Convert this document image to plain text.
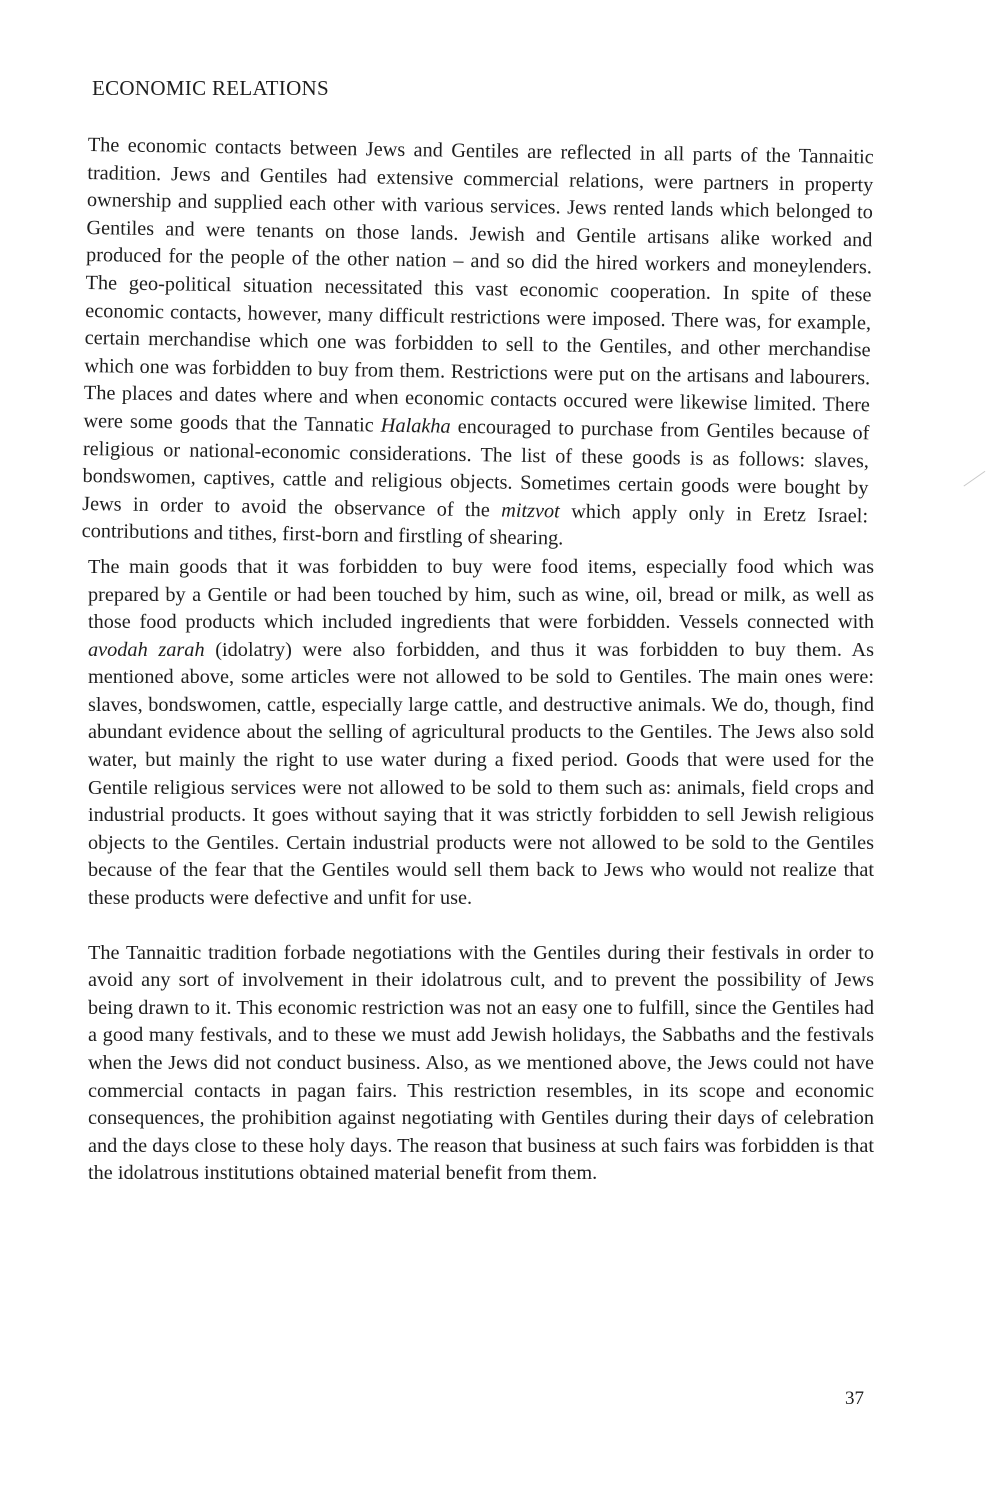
ECONOMIC RELATIONS

The economic contacts between Jews and Gentiles are reflected in all parts of the Tannaitic tradition. Jews and Gentiles had extensive commercial relations, were partners in property ownership and supplied each other with various services. Jews rented lands which belonged to Gentiles and were tenants on those lands. Jewish and Gentile artisans alike worked and produced for the people of the other nation – and so did the hired workers and moneylenders. The geo-political situation necessitated this vast economic cooperation. In spite of these economic contacts, however, many difficult restrictions were imposed. There was, for example, certain merchandise which one was forbidden to sell to the Gentiles, and other merchandise which one was forbidden to buy from them. Restrictions were put on the artisans and labourers. The places and dates where and when economic contacts occured were likewise limited. There were some goods that the Tannatic Halakha encouraged to purchase from Gentiles because of religious or national-economic considerations. The list of these goods is as follows: slaves, bondswomen, captives, cattle and religious objects. Sometimes certain goods were bought by Jews in order to avoid the observance of the mitzvot which apply only in Eretz Israel: contributions and tithes, first-born and firstling of shearing.

The main goods that it was forbidden to buy were food items, especially food which was prepared by a Gentile or had been touched by him, such as wine, oil, bread or milk, as well as those food products which included ingredients that were forbidden. Vessels connected with avodah zarah (idolatry) were also forbidden, and thus it was forbidden to buy them. As mentioned above, some articles were not allowed to be sold to Gentiles. The main ones were: slaves, bondswomen, cattle, especially large cattle, and destructive animals. We do, though, find abundant evidence about the selling of agricultural products to the Gentiles. The Jews also sold water, but mainly the right to use water during a fixed period. Goods that were used for the Gentile religious services were not allowed to be sold to them such as: animals, field crops and industrial products. It goes without saying that it was strictly forbidden to sell Jewish religious objects to the Gentiles. Certain industrial products were not allowed to be sold to the Gentiles because of the fear that the Gentiles would sell them back to Jews who would not realize that these products were defective and unfit for use.

The Tannaitic tradition forbade negotiations with the Gentiles during their festivals in order to avoid any sort of involvement in their idolatrous cult, and to prevent the possibility of Jews being drawn to it. This economic restriction was not an easy one to fulfill, since the Gentiles had a good many festivals, and to these we must add Jewish holidays, the Sabbaths and the festivals when the Jews did not conduct business. Also, as we mentioned above, the Jews could not have commercial contacts in pagan fairs. This restriction resembles, in its scope and economic consequences, the prohibition against negotiating with Gentiles during their days of celebration and the days close to these holy days. The reason that business at such fairs was forbidden is that the idolatrous institutions obtained material benefit from them.

37
